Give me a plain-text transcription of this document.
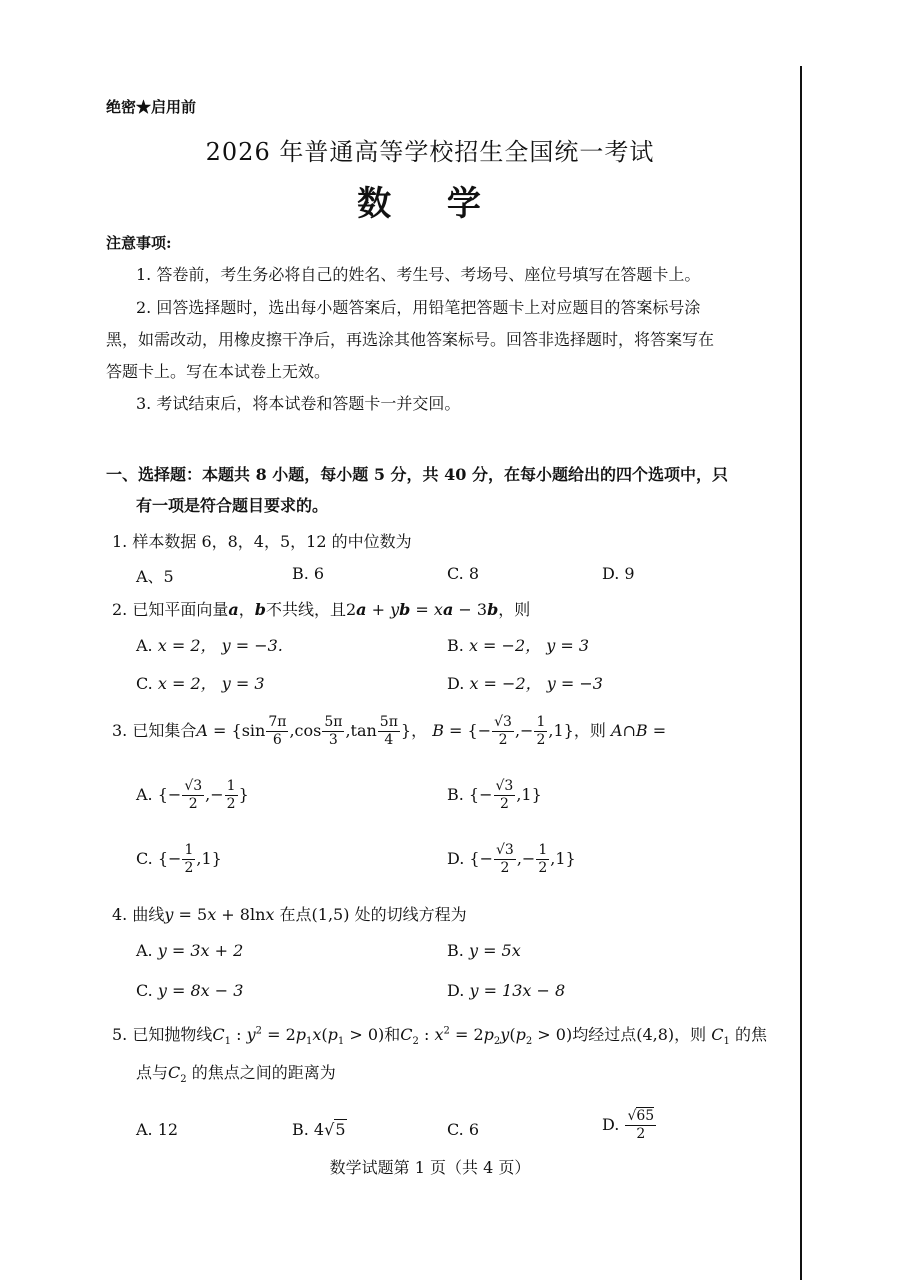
绝密★启用前
2026 年普通高等学校招生全国统一考试
数 学
注意事项:
1. 答卷前，考生务必将自己的姓名、考生号、考场号、座位号填写在答题卡上。
2. 回答选择题时，选出每小题答案后，用铅笔把答题卡上对应题目的答案标号涂
黑，如需改动，用橡皮擦干净后，再选涂其他答案标号。回答非选择题时，将答案写在
答题卡上。写在本试卷上无效。
3. 考试结束后，将本试卷和答题卡一并交回。
一、选择题：本题共 8 小题，每小题 5 分，共 40 分，在每小题给出的四个选项中，只
有一项是符合题目要求的。
1. 样本数据 6，8，4，5，12 的中位数为
A、5	B. 6	C. 8	D. 9
2. 已知平面向量a，b不共线，且2a + yb = xa − 3b，则
A. x = 2， y = −3.	B. x = −2， y = 3
C. x = 2， y = 3	D. x = −2， y = −3
3. 已知集合$A = \{\sin \frac{7\pi}{6} ,\cos \frac{5\pi}{3} ,\tan \frac{5\pi}{4}$ }， B = {− $\frac{√3}{2}$ ,− $\frac{1}{2} ,1$}，则 A∩B =
A. {− $\frac{√3}{2}$ ,− $\frac{1}{2}$ }	B. {− $\frac{√3}{2} ,1$}
C. {− $\frac{1}{2} ,1$}	D. {− $\frac{√3}{2}$ ,− $\frac{1}{2} ,1$}
4. 曲线y = 5x + 8lnx 在点(1,5) 处的切线方程为
A. y = 3x + 2	B. y = 5x
C. y = 8x − 3	D. y = 13x − 8
5. 已知抛物线$C_1$ : $y^2 = 2p_1x(p_1 > 0)$和$C_2$ : $x^2 = 2p_2y(p_2 > 0)$均经过点(4,8)，则 $C_1$ 的焦
点与$C_2$ 的焦点之间的距离为
A. 12	B. 4√5	C. 6	D. $\frac{√65}{2}$
数学试题第 1 页（共 4 页）
